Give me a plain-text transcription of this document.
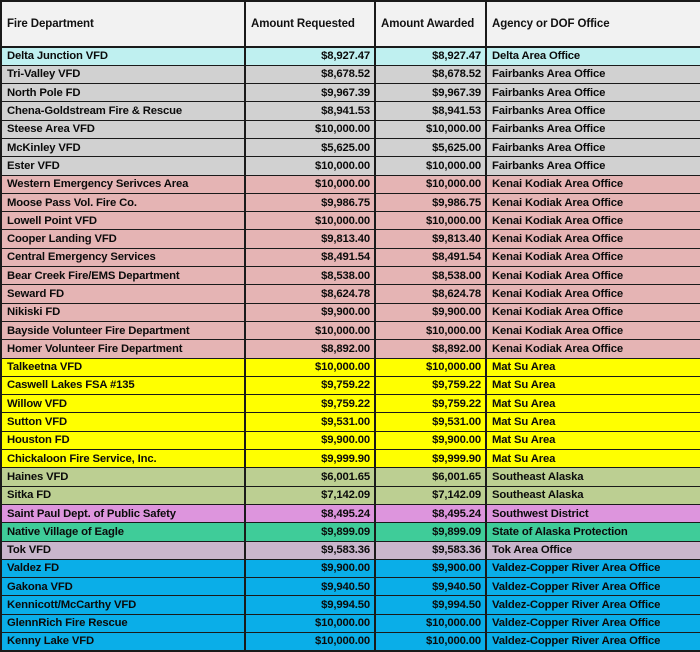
Fire Department	Amount Requested	Amount Awarded	Agency or DOF Office
Delta Junction VFD	$8,927.47	$8,927.47	Delta Area Office
Tri-Valley VFD	$8,678.52	$8,678.52	Fairbanks Area Office
North Pole FD	$9,967.39	$9,967.39	Fairbanks Area Office
Chena-Goldstream Fire & Rescue	$8,941.53	$8,941.53	Fairbanks Area Office
Steese Area VFD	$10,000.00	$10,000.00	Fairbanks Area Office
McKinley VFD	$5,625.00	$5,625.00	Fairbanks Area Office
Ester VFD	$10,000.00	$10,000.00	Fairbanks Area Office
Western Emergency Serivces Area	$10,000.00	$10,000.00	Kenai Kodiak Area Office
Moose Pass Vol. Fire Co.	$9,986.75	$9,986.75	Kenai Kodiak Area Office
Lowell Point VFD	$10,000.00	$10,000.00	Kenai Kodiak Area Office
Cooper Landing VFD	$9,813.40	$9,813.40	Kenai Kodiak Area Office
Central Emergency Services	$8,491.54	$8,491.54	Kenai Kodiak Area Office
Bear Creek Fire/EMS Department	$8,538.00	$8,538.00	Kenai Kodiak Area Office
Seward FD	$8,624.78	$8,624.78	Kenai Kodiak Area Office
Nikiski FD	$9,900.00	$9,900.00	Kenai Kodiak Area Office
Bayside Volunteer Fire Department	$10,000.00	$10,000.00	Kenai Kodiak Area Office
Homer Volunteer Fire Department	$8,892.00	$8,892.00	Kenai Kodiak Area Office
Talkeetna VFD	$10,000.00	$10,000.00	Mat Su Area
Caswell Lakes FSA #135	$9,759.22	$9,759.22	Mat Su Area
Willow VFD	$9,759.22	$9,759.22	Mat Su Area
Sutton VFD	$9,531.00	$9,531.00	Mat Su Area
Houston FD	$9,900.00	$9,900.00	Mat Su Area
Chickaloon Fire Service, Inc.	$9,999.90	$9,999.90	Mat Su Area
Haines VFD	$6,001.65	$6,001.65	Southeast Alaska
Sitka FD	$7,142.09	$7,142.09	Southeast Alaska
Saint Paul Dept. of Public Safety	$8,495.24	$8,495.24	Southwest District
Native Village of Eagle	$9,899.09	$9,899.09	State of Alaska Protection
Tok VFD	$9,583.36	$9,583.36	Tok Area Office
Valdez FD	$9,900.00	$9,900.00	Valdez-Copper River Area Office
Gakona VFD	$9,940.50	$9,940.50	Valdez-Copper River Area Office
Kennicott/McCarthy VFD	$9,994.50	$9,994.50	Valdez-Copper River Area Office
GlennRich Fire Rescue	$10,000.00	$10,000.00	Valdez-Copper River Area Office
Kenny Lake VFD	$10,000.00	$10,000.00	Valdez-Copper River Area Office
